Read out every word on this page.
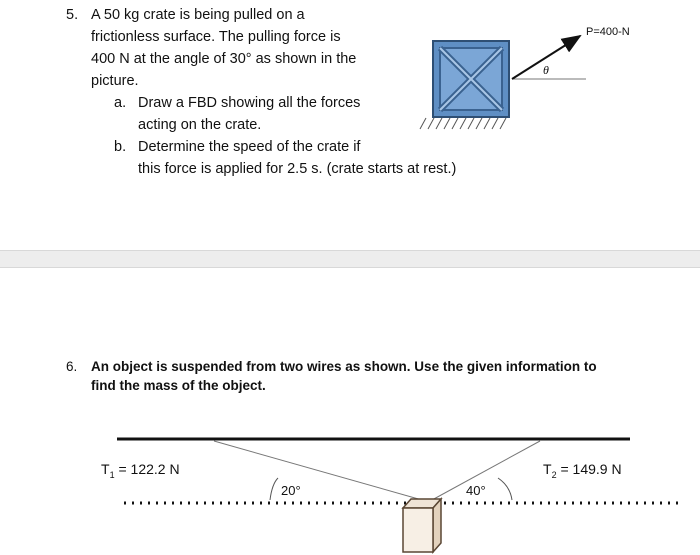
5. A 50 kg crate is being pulled on a
frictionless surface. The pulling force is
400 N at the angle of 30° as shown in the
picture.
a. Draw a FBD showing all the forces
acting on the crate.
b. Determine the speed of the crate if
this force is applied for 2.5 s. (crate starts at rest.)
P=400-N
θ
6. An object is suspended from two wires as shown. Use the given information to
find the mass of the object.
$T_1 = 122.2$ N	$T_2 = 149.9$ N
20°	40°
